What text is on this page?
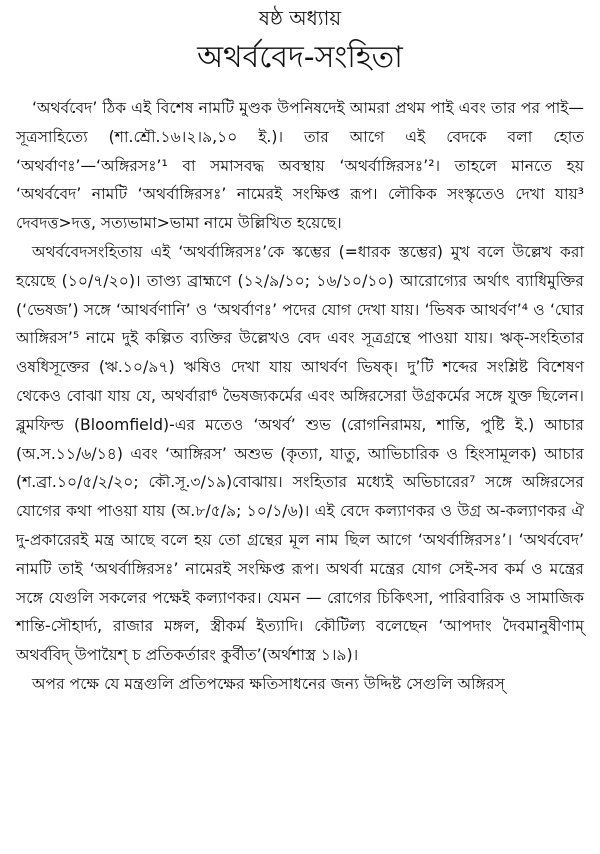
ষষ্ঠ অধ্যায়
অথর্ববেদ-সংহিতা

‘অথর্ববেদ’ ঠিক এই বিশেষ নামটি মুণ্ডক উপনিষদেই আমরা প্রথম পাই এবং তার পর পাই—সূত্রসাহিত্যে (শা.শ্রৌ.১৬।২।৯,১০ ই.)। তার আগে এই বেদকে বলা হোত ‘অথর্বাণঃ’—‘অঙ্গিরসঃ’¹ বা সমাসবদ্ধ অবস্থায় ‘অথর্বাঙ্গিরসঃ’²। তাহলে মানতে হয় ‘অথর্ববেদ’ নামটি ‘অথর্বাঙ্গিরসঃ’ নামেরই সংক্ষিপ্ত রূপ। লৌকিক সংস্কৃতেও দেখা যায়³ দেবদত্ত>দত্ত, সত্যভামা>ভামা নামে উল্লিখিত হয়েছে।

অথর্ববেদসংহিতায় এই ‘অথর্বাঙ্গিরসঃ’কে স্কম্ভের (=ধারক স্তম্ভের) মুখ বলে উল্লেখ করা হয়েছে (১০/৭/২০)। তাণ্ড্য ব্রাহ্মণে (১২/৯/১০; ১৬/১০/১০) আরোগ্যের অর্থাৎ ব্যাধিমুক্তির (‘ভেষজ’) সঙ্গে ‘আথর্বণানি’ ও ‘অথর্বাণঃ’ পদের যোগ দেখা যায়। ‘ভিষক আথর্বণ’⁴ ও ‘ঘোর আঙ্গিরস’⁵ নামে দুই কল্পিত ব্যক্তির উল্লেখও বেদ এবং সূত্রগ্রন্থে পাওয়া যায়। ঋক্-সংহিতার ওষধিসূক্তের (ঋ.১০/৯৭) ঋষিও দেখা যায় আথর্বণ ভিষক্। দু’টি শব্দের সংশ্লিষ্ট বিশেষণ থেকেও বোঝা যায় যে, অথর্বারা⁶ ভৈষজ্যকর্মের এবং অঙ্গিরসেরা উগ্রকর্মের সঙ্গে যুক্ত ছিলেন। ব্লুমফিল্ড (Bloomfield)-এর মতেও ‘অথর্ব’ শুভ (রোগনিরাময়, শান্তি, পুষ্টি ই.) আচার (অ.স.১১/৬/১৪) এবং ‘আঙ্গিরস’ অশুভ (কৃত্যা, যাতু, আভিচারিক ও হিংসামূলক) আচার (শ.ব্রা.১০/৫/২/২০; কৌ.সূ.৩/১৯)বোঝায়। সংহিতার মধ্যেই অভিচারের⁷ সঙ্গে অঙ্গিরসের যোগের কথা পাওয়া যায় (অ.৮/৫/৯; ১০/১/৬)। এই বেদে কল্যাণকর ও উগ্র অ-কল্যাণকর ঐ দু-প্রকারেরই মন্ত্র আছে বলে হয় তো গ্রন্থের মূল নাম ছিল আগে ‘অথর্বাঙ্গিরসঃ’। ‘অথর্ববেদ’ নামটি তাই ‘অথর্বাঙ্গিরসঃ’ নামেরই সংক্ষিপ্ত রূপ। অথর্বা মন্ত্রের যোগ সেই-সব কর্ম ও মন্ত্রের সঙ্গে যেগুলি সকলের পক্ষেই কল্যাণকর। যেমন — রোগের চিকিৎসা, পারিবারিক ও সামাজিক শান্তি-সৌহার্দ্য, রাজার মঙ্গল, স্ত্রীকর্ম ইত্যাদি। কৌটিল্য বলেছেন ‘আপদাং দৈবমানুষীণাম্ অথর্ববিদ্ উপায়ৈশ্ চ প্রতিকর্তারং কুর্বীত’(অর্থশাস্ত্র ১।৯)।

অপর পক্ষে যে মন্ত্রগুলি প্রতিপক্ষের ক্ষতিসাধনের জন্য উদ্দিষ্ট সেগুলি অঙ্গিরস্
